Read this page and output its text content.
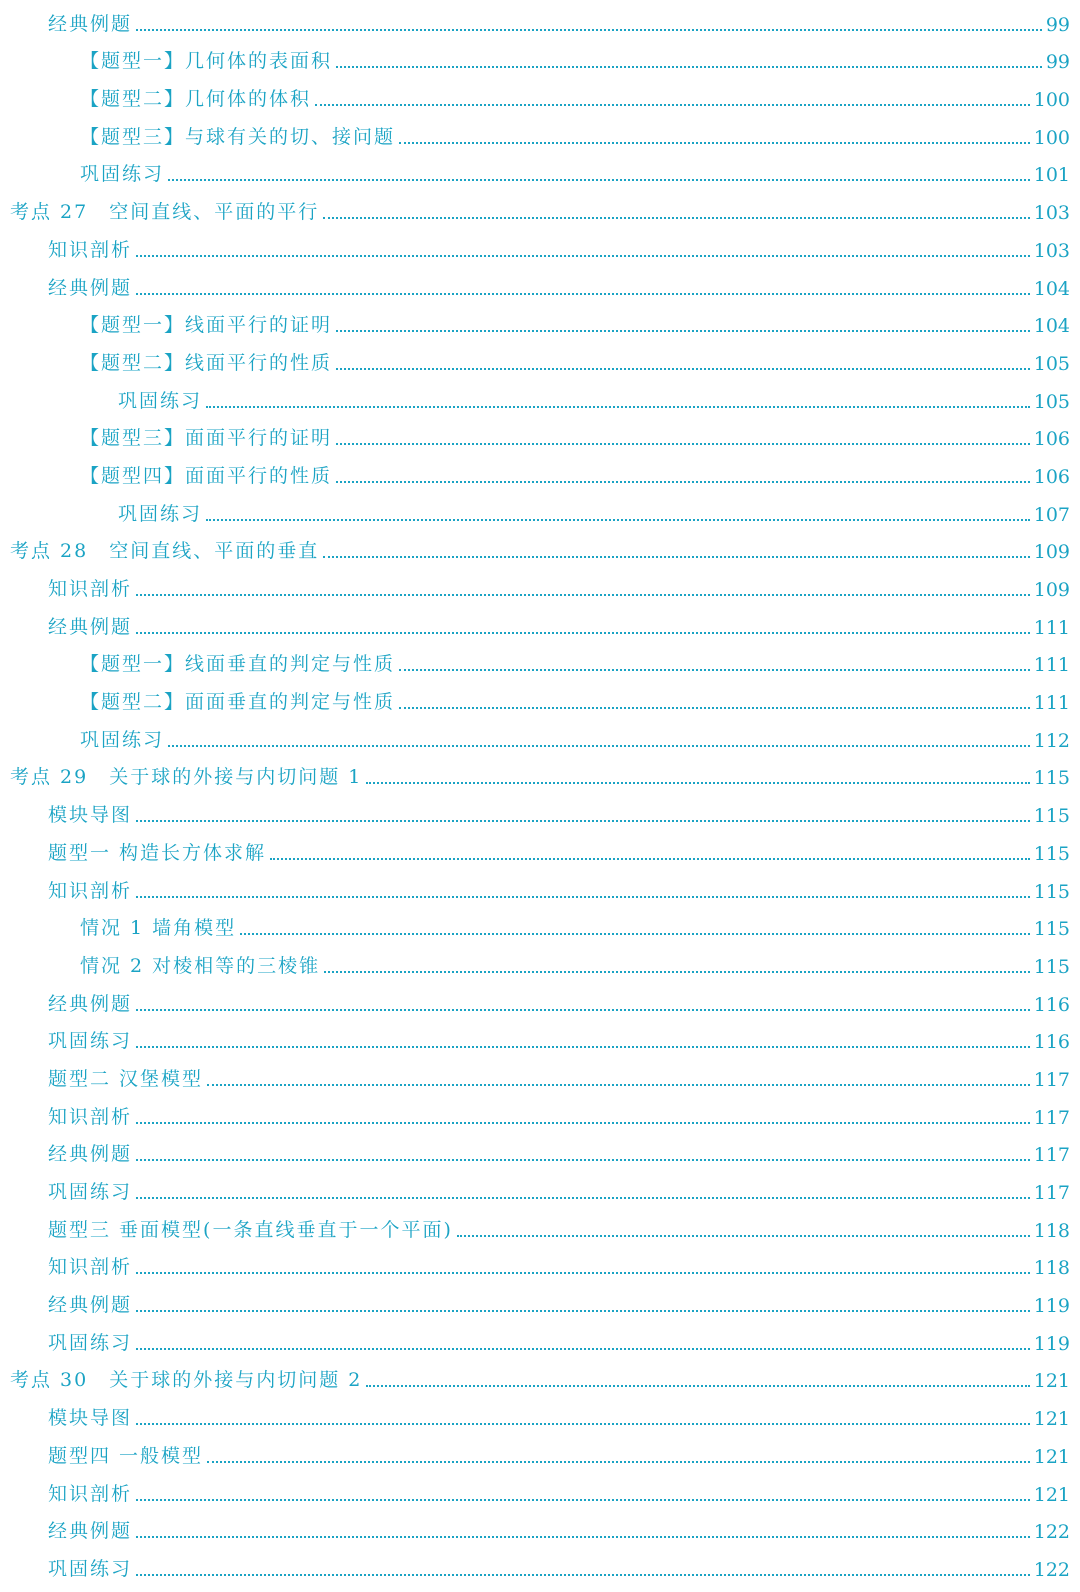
经典例题	99
【题型一】几何体的表面积	99
【题型二】几何体的体积	100
【题型三】与球有关的切、接问题	100
巩固练习	101
考点 27　空间直线、平面的平行	103
知识剖析	103
经典例题	104
【题型一】线面平行的证明	104
【题型二】线面平行的性质	105
巩固练习	105
【题型三】面面平行的证明	106
【题型四】面面平行的性质	106
巩固练习	107
考点 28　空间直线、平面的垂直	109
知识剖析	109
经典例题	111
【题型一】线面垂直的判定与性质	111
【题型二】面面垂直的判定与性质	111
巩固练习	112
考点 29　关于球的外接与内切问题 1	115
模块导图	115
题型一 构造长方体求解	115
知识剖析	115
情况 1 墙角模型	115
情况 2 对棱相等的三棱锥	115
经典例题	116
巩固练习	116
题型二 汉堡模型	117
知识剖析	117
经典例题	117
巩固练习	117
题型三 垂面模型(一条直线垂直于一个平面)	118
知识剖析	118
经典例题	119
巩固练习	119
考点 30　关于球的外接与内切问题 2	121
模块导图	121
题型四 一般模型	121
知识剖析	121
经典例题	122
巩固练习	122
